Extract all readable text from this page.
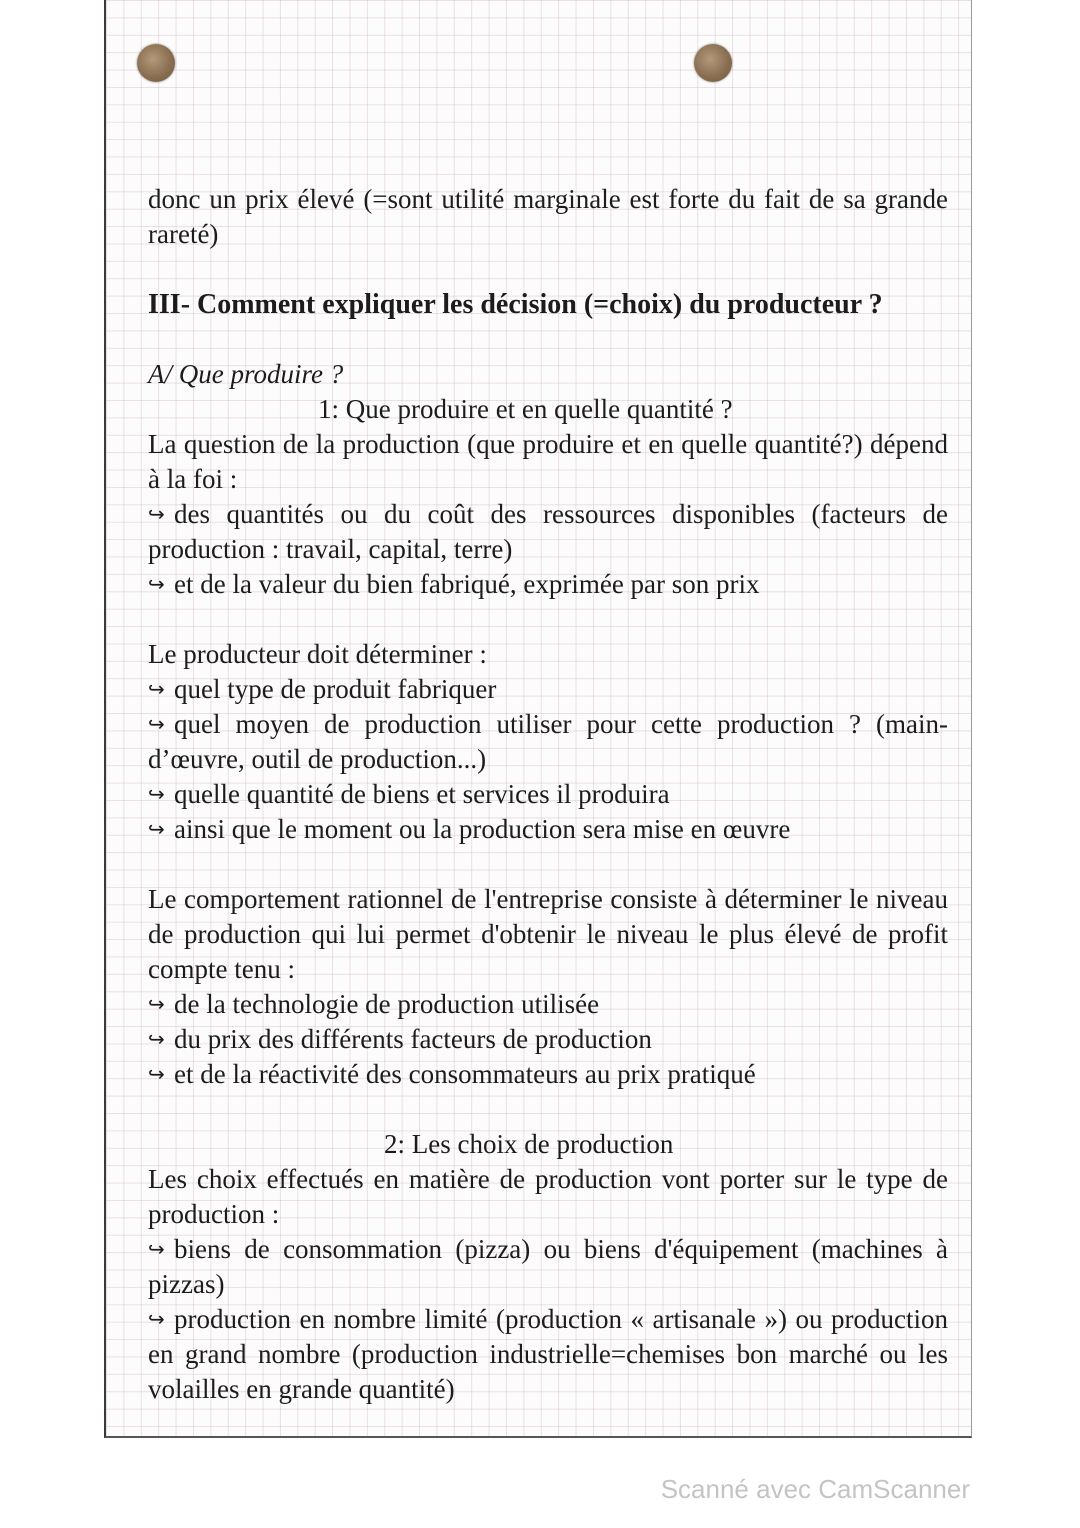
donc un prix élevé (=sont utilité marginale est forte du fait de sa grande rareté)

III- Comment expliquer les décision (=choix) du producteur ?

A/ Que produire ?

1: Que produire et en quelle quantité ?

La question de la production (que produire et en quelle quantité?) dépend à la foi :

↪ des quantités ou du coût des ressources disponibles (facteurs de production : travail, capital, terre)

↪ et de la valeur du bien fabriqué, exprimée par son prix

Le producteur doit déterminer :

↪ quel type de produit fabriquer

↪ quel moyen de production utiliser pour cette production ? (main-d’œuvre, outil de production...)

↪ quelle quantité de biens et services il produira

↪ ainsi que le moment ou la production sera mise en œuvre

Le comportement rationnel de l'entreprise consiste à déterminer le niveau de production qui lui permet d'obtenir le niveau le plus élevé de profit compte tenu :

↪ de la technologie de production utilisée

↪ du prix des différents facteurs de production

↪ et de la réactivité des consommateurs au prix pratiqué

2: Les choix de production

Les choix effectués en matière de production vont porter sur le type de production :

↪ biens de consommation (pizza) ou biens d'équipement (machines à pizzas)

↪ production en nombre limité (production « artisanale ») ou production en grand nombre (production industrielle=chemises bon marché ou les volailles en grande quantité)

Scanné avec CamScanner
